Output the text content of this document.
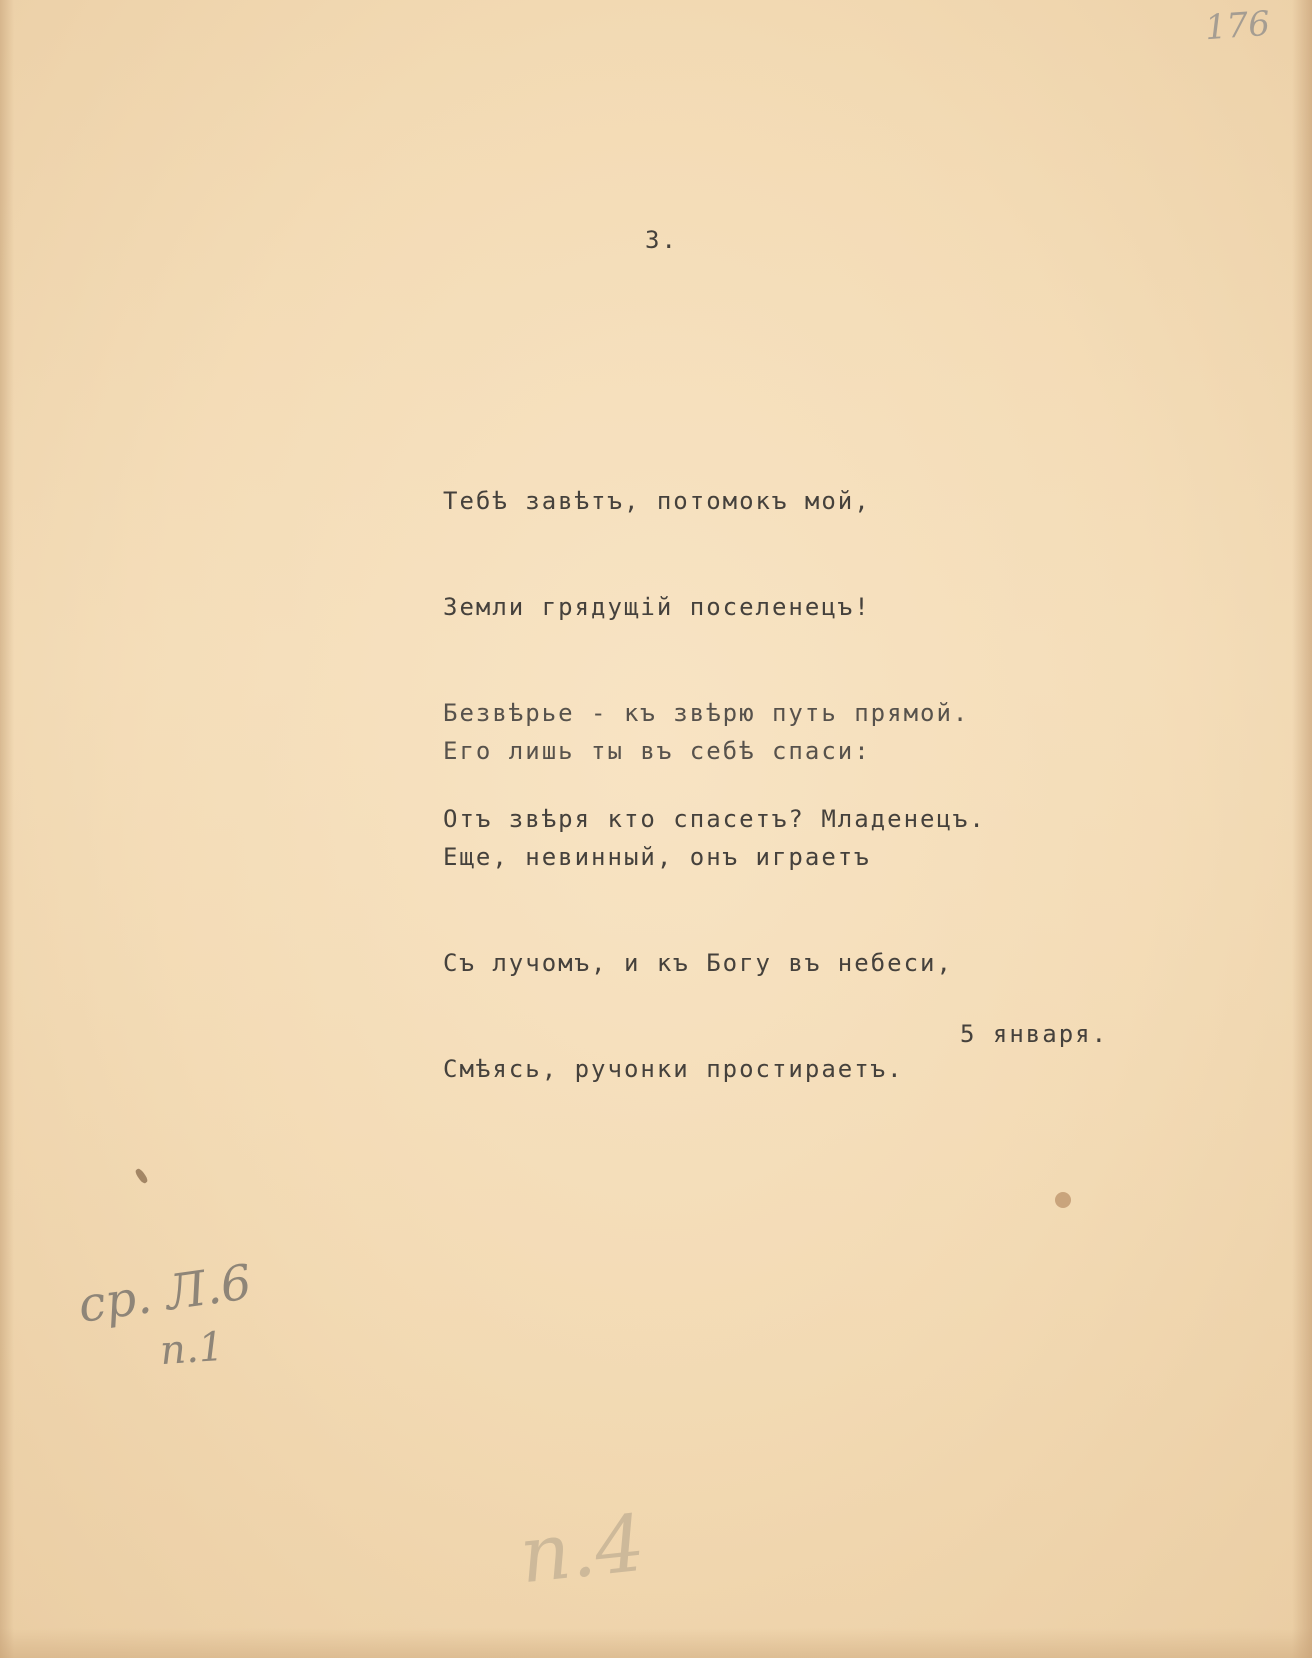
176
3.

Тебѣ завѣтъ, потомокъ мой,

Земли грядущій поселенецъ!

Безвѣрье - къ звѣрю путь прямой.

Отъ звѣря кто спасетъ? Младенецъ.

Его лишь ты въ себѣ спаси:

Еще, невинный, онъ играетъ

Съ лучомъ, и къ Богу въ небеси,

Смѣясь, ручонки простираетъ.

5 января.
ср. Л.6
п.1
п.4
